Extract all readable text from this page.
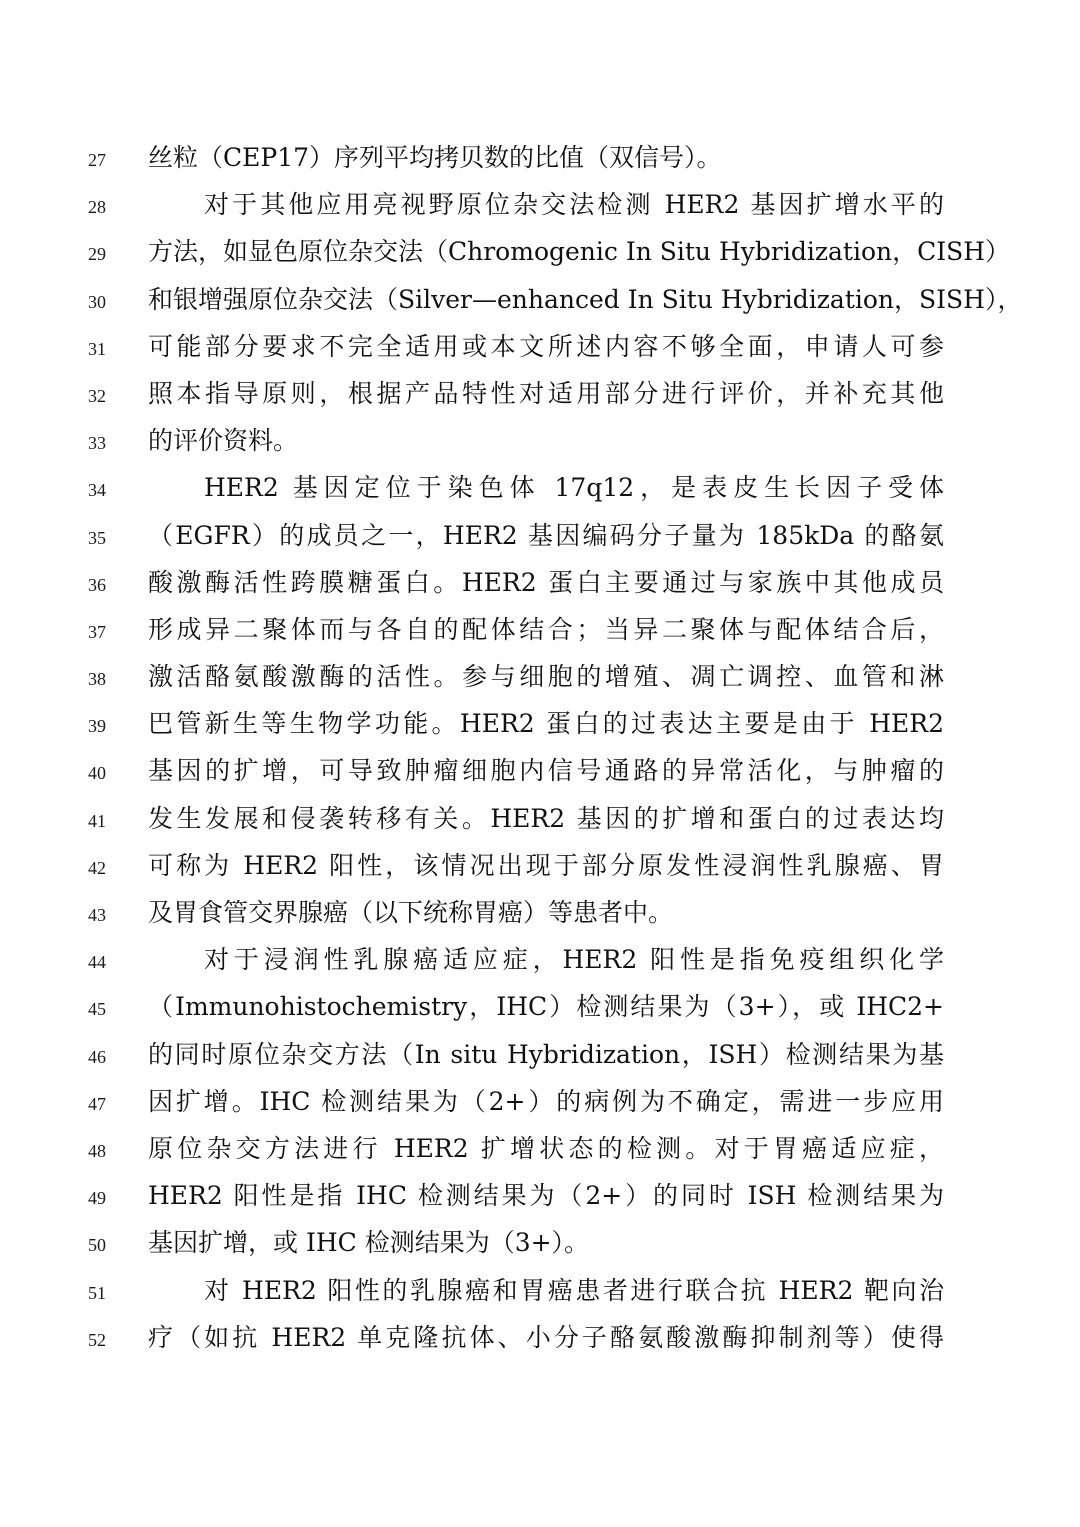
27	丝粒（CEP17）序列平均拷贝数的比值（双信号）。
28	对于其他应用亮视野原位杂交法检测 HER2 基因扩增水平的
29	方法，如显色原位杂交法（Chromogenic In Situ Hybridization，CISH）
30	和银增强原位杂交法（Silver—enhanced In Situ Hybridization，SISH），
31	可能部分要求不完全适用或本文所述内容不够全面，申请人可参
32	照本指导原则，根据产品特性对适用部分进行评价，并补充其他
33	的评价资料。
34	HER2 基因定位于染色体 17q12，是表皮生长因子受体
35	（EGFR）的成员之一，HER2 基因编码分子量为 185kDa 的酪氨
36	酸激酶活性跨膜糖蛋白。HER2 蛋白主要通过与家族中其他成员
37	形成异二聚体而与各自的配体结合；当异二聚体与配体结合后，
38	激活酪氨酸激酶的活性。参与细胞的增殖、凋亡调控、血管和淋
39	巴管新生等生物学功能。HER2 蛋白的过表达主要是由于 HER2
40	基因的扩增，可导致肿瘤细胞内信号通路的异常活化，与肿瘤的
41	发生发展和侵袭转移有关。HER2 基因的扩增和蛋白的过表达均
42	可称为 HER2 阳性，该情况出现于部分原发性浸润性乳腺癌、胃
43	及胃食管交界腺癌（以下统称胃癌）等患者中。
44	对于浸润性乳腺癌适应症，HER2 阳性是指免疫组织化学
45	（Immunohistochemistry，IHC）检测结果为（3+），或 IHC2+
46	的同时原位杂交方法（In situ Hybridization，ISH）检测结果为基
47	因扩增。IHC 检测结果为（2+）的病例为不确定，需进一步应用
48	原位杂交方法进行 HER2 扩增状态的检测。对于胃癌适应症，
49	HER2 阳性是指 IHC 检测结果为（2+）的同时 ISH 检测结果为
50	基因扩增，或 IHC 检测结果为（3+）。
51	对 HER2 阳性的乳腺癌和胃癌患者进行联合抗 HER2 靶向治
52	疗（如抗 HER2 单克隆抗体、小分子酪氨酸激酶抑制剂等）使得
